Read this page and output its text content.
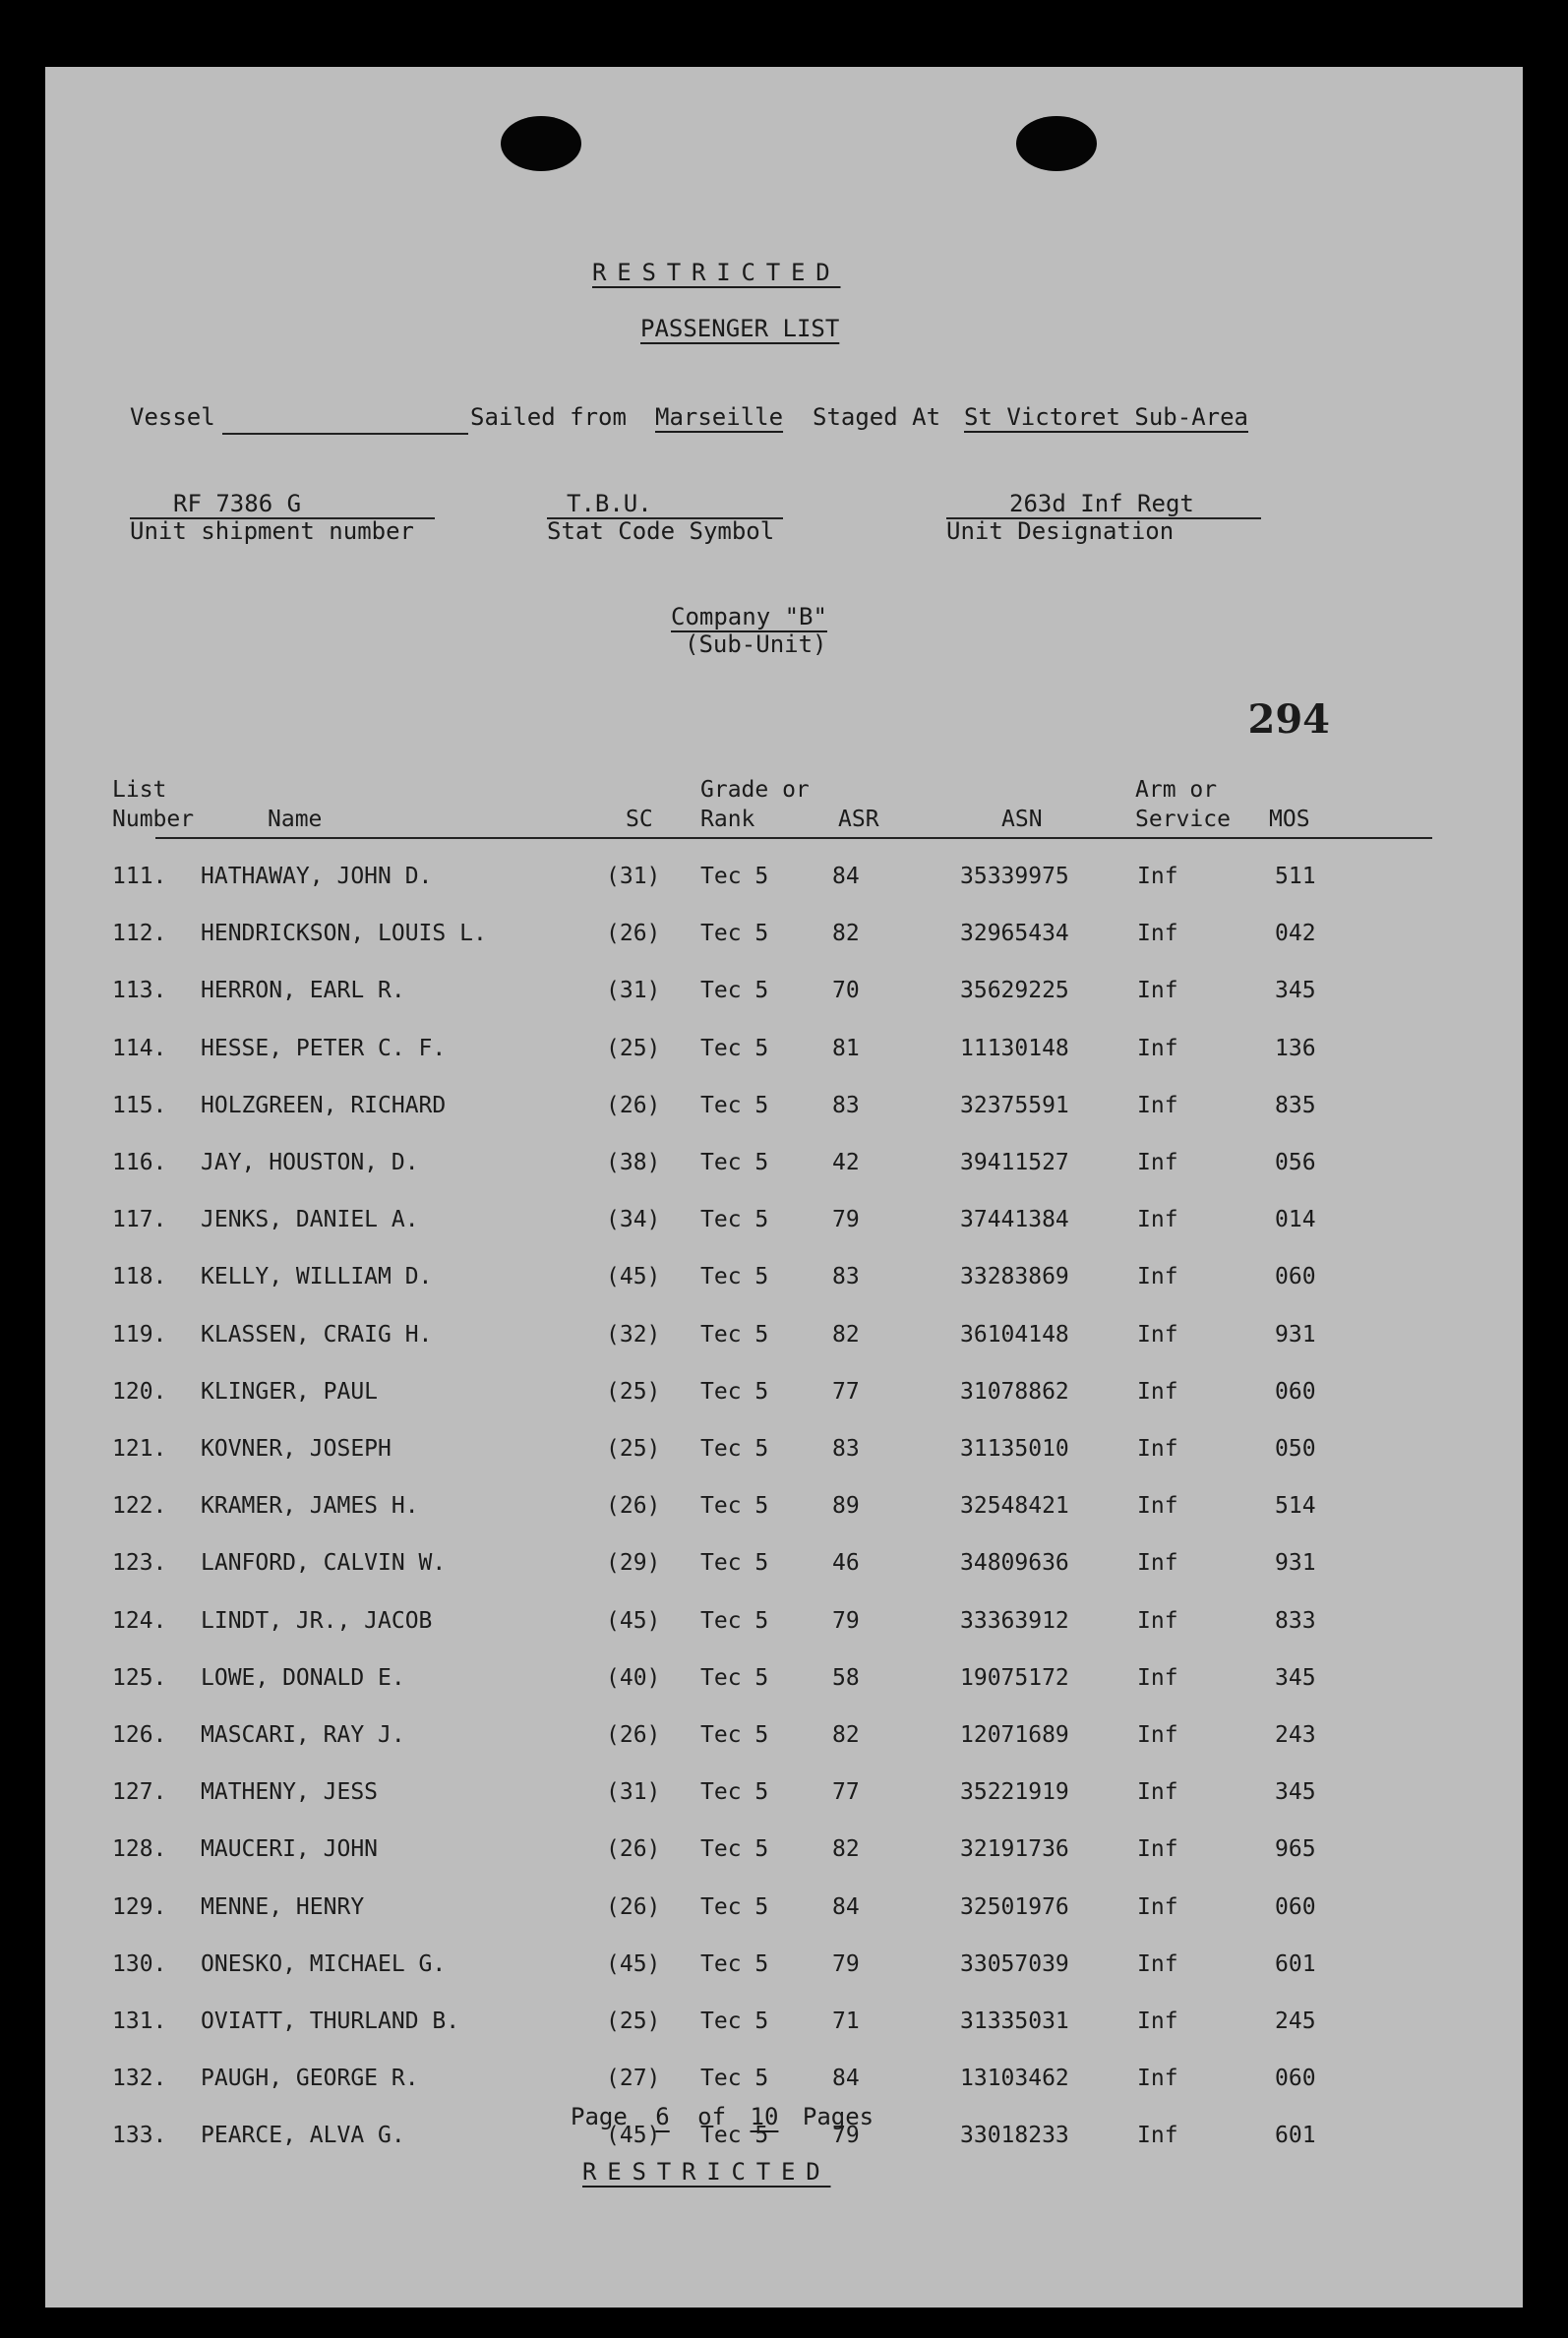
RESTRICTED
PASSENGER LIST
Vessel	Sailed from Marseille Staged At St Victoret Sub-Area
RF 7386 G
Unit shipment number
T.B.U.
Stat Code Symbol
263d Inf Regt
Unit Designation
Company "B"
(Sub-Unit)
294
List
Number	Name	SC
Grade or
Rank	ASR	ASN
Arm or
Service MOS
111. HATHAWAY, JOHN D.	(31) Tec 5	84	35339975	Inf	511
112. HENDRICKSON, LOUIS L.	(26) Tec 5	82	32965434	Inf	042
113. HERRON, EARL R.	(31) Tec 5	70	35629225	Inf	345
114. HESSE, PETER C. F.	(25) Tec 5	81	11130148	Inf	136
115. HOLZGREEN, RICHARD	(26) Tec 5	83	32375591	Inf	835
116. JAY, HOUSTON, D.	(38) Tec 5	42	39411527	Inf	056
117. JENKS, DANIEL A.	(34) Tec 5	79	37441384	Inf	014
118. KELLY, WILLIAM D.	(45) Tec 5	83	33283869	Inf	060
119. KLASSEN, CRAIG H.	(32) Tec 5	82	36104148	Inf	931
120. KLINGER, PAUL	(25) Tec 5	77	31078862	Inf	060
121. KOVNER, JOSEPH	(25) Tec 5	83	31135010	Inf	050
122. KRAMER, JAMES H.	(26) Tec 5	89	32548421	Inf	514
123. LANFORD, CALVIN W.	(29) Tec 5	46	34809636	Inf	931
124. LINDT, JR., JACOB	(45) Tec 5	79	33363912	Inf	833
125. LOWE, DONALD E.	(40) Tec 5	58	19075172	Inf	345
126. MASCARI, RAY J.	(26) Tec 5	82	12071689	Inf	243
127. MATHENY, JESS	(31) Tec 5	77	35221919	Inf	345
128. MAUCERI, JOHN	(26) Tec 5	82	32191736	Inf	965
129. MENNE, HENRY	(26) Tec 5	84	32501976	Inf	060
130. ONESKO, MICHAEL G.	(45) Tec 5	79	33057039	Inf	601
131. OVIATT, THURLAND B.	(25) Tec 5	71	31335031	Inf	245
132. PAUGH, GEORGE R.	(27) Tec 5	84	13103462	Inf	060
133. PEARCE, ALVA G.	(45) Tec 5	79	33018233	Inf	601
Page 6 of 10 Pages
RESTRICTED
